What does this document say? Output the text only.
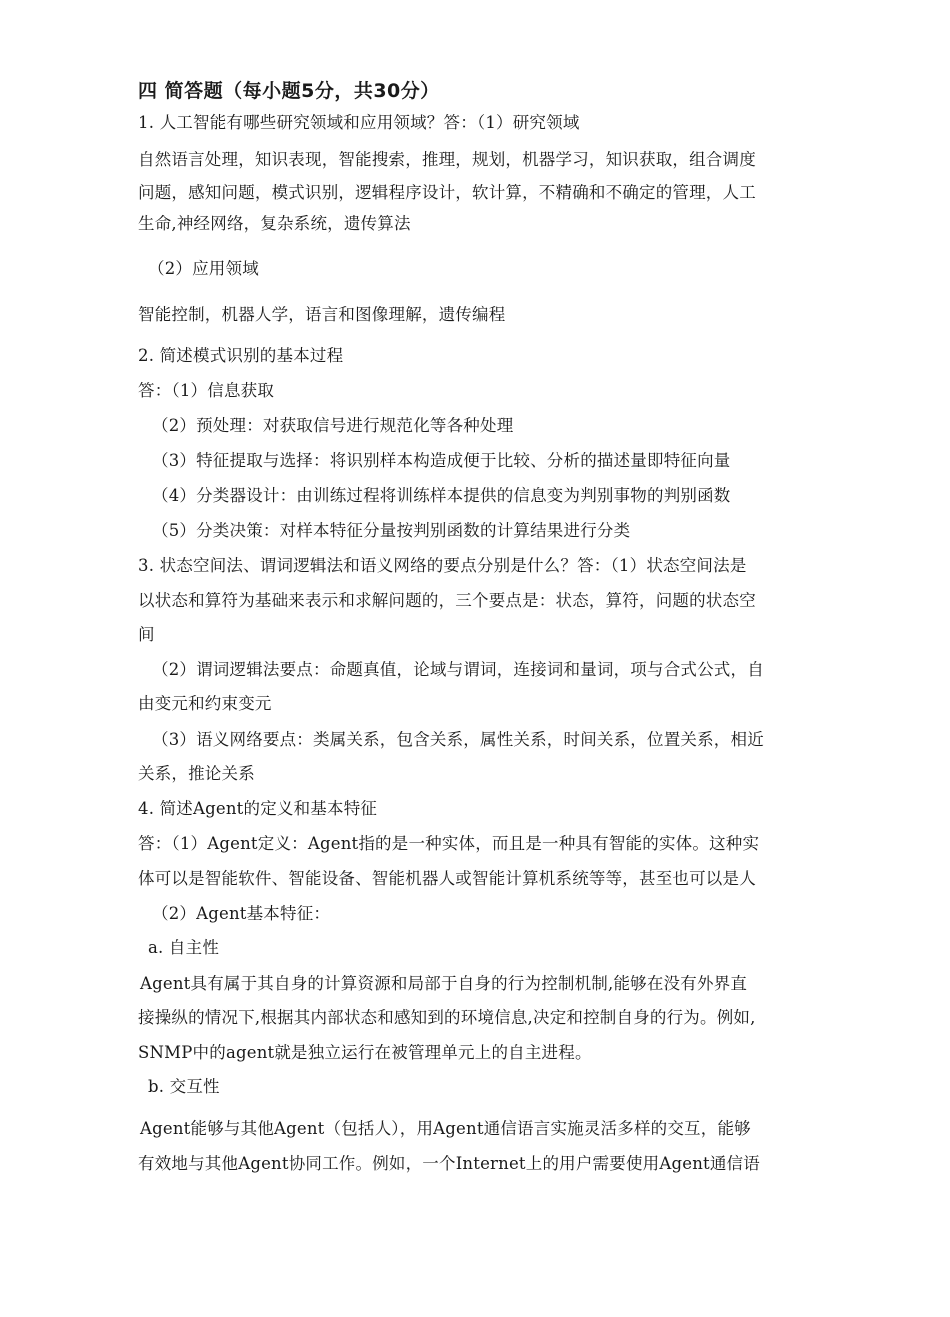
四 简答题（每小题5分，共30分）
1. 人工智能有哪些研究领域和应用领域？答：（1）研究领域
自然语言处理，知识表现，智能搜索，推理，规划，机器学习，知识获取，组合调度
问题，感知问题，模式识别，逻辑程序设计，软计算，不精确和不确定的管理，人工
生命,神经网络，复杂系统，遗传算法
（2）应用领域
智能控制，机器人学，语言和图像理解，遗传编程
2. 简述模式识别的基本过程
答：（1）信息获取
（2）预处理：对获取信号进行规范化等各种处理
（3）特征提取与选择：将识别样本构造成便于比较、分析的描述量即特征向量
（4）分类器设计：由训练过程将训练样本提供的信息变为判别事物的判别函数
（5）分类决策：对样本特征分量按判别函数的计算结果进行分类
3. 状态空间法、谓词逻辑法和语义网络的要点分别是什么？答：（1）状态空间法是
以状态和算符为基础来表示和求解问题的，三个要点是：状态，算符，问题的状态空
间
（2）谓词逻辑法要点：命题真值，论域与谓词，连接词和量词，项与合式公式，自
由变元和约束变元
（3）语义网络要点：类属关系，包含关系，属性关系，时间关系，位置关系，相近
关系，推论关系
4. 简述Agent的定义和基本特征
答：（1）Agent定义：Agent指的是一种实体，而且是一种具有智能的实体。这种实
体可以是智能软件、智能设备、智能机器人或智能计算机系统等等，甚至也可以是人
（2）Agent基本特征：
a. 自主性
Agent具有属于其自身的计算资源和局部于自身的行为控制机制,能够在没有外界直
接操纵的情况下,根据其内部状态和感知到的环境信息,决定和控制自身的行为。例如,
SNMP中的agent就是独立运行在被管理单元上的自主进程。
b. 交互性
Agent能够与其他Agent（包括人），用Agent通信语言实施灵活多样的交互，能够
有效地与其他Agent协同工作。例如，一个Internet上的用户需要使用Agent通信语
